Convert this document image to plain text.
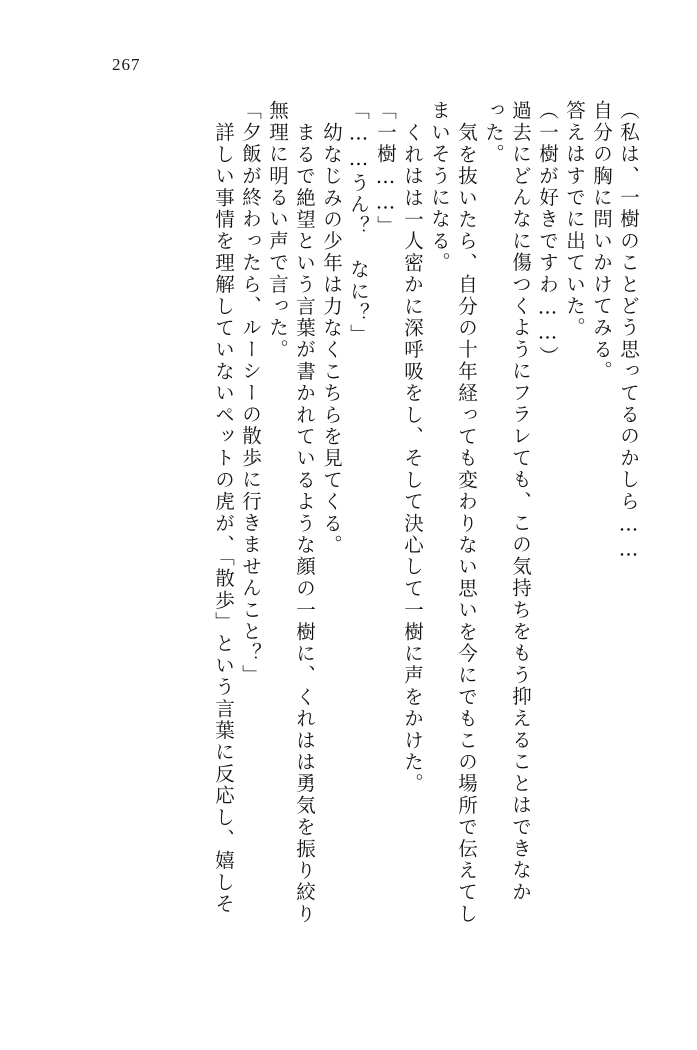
267
（私は、一樹のことどう思ってるのかしら……
自分の胸に問いかけてみる。
答えはすでに出ていた。
（一樹が好きですわ……）
過去にどんなに傷つくようにフラレても、この気持ちをもう抑えることはできなか
った。
気を抜いたら、自分の十年経っても変わりない思いを今にでもこの場所で伝えてし
まいそうになる。
くれはは一人密かに深呼吸をし、そして決心して一樹に声をかけた。
「一樹……」
「……うん？　なに？」
幼なじみの少年は力なくこちらを見てくる。
まるで絶望という言葉が書かれているような顔の一樹に、くれはは勇気を振り絞り
無理に明るい声で言った。
「夕飯が終わったら、ルーシーの散歩に行きませんこと？」
詳しい事情を理解していないペットの虎が、「散歩」という言葉に反応し、嬉しそ
